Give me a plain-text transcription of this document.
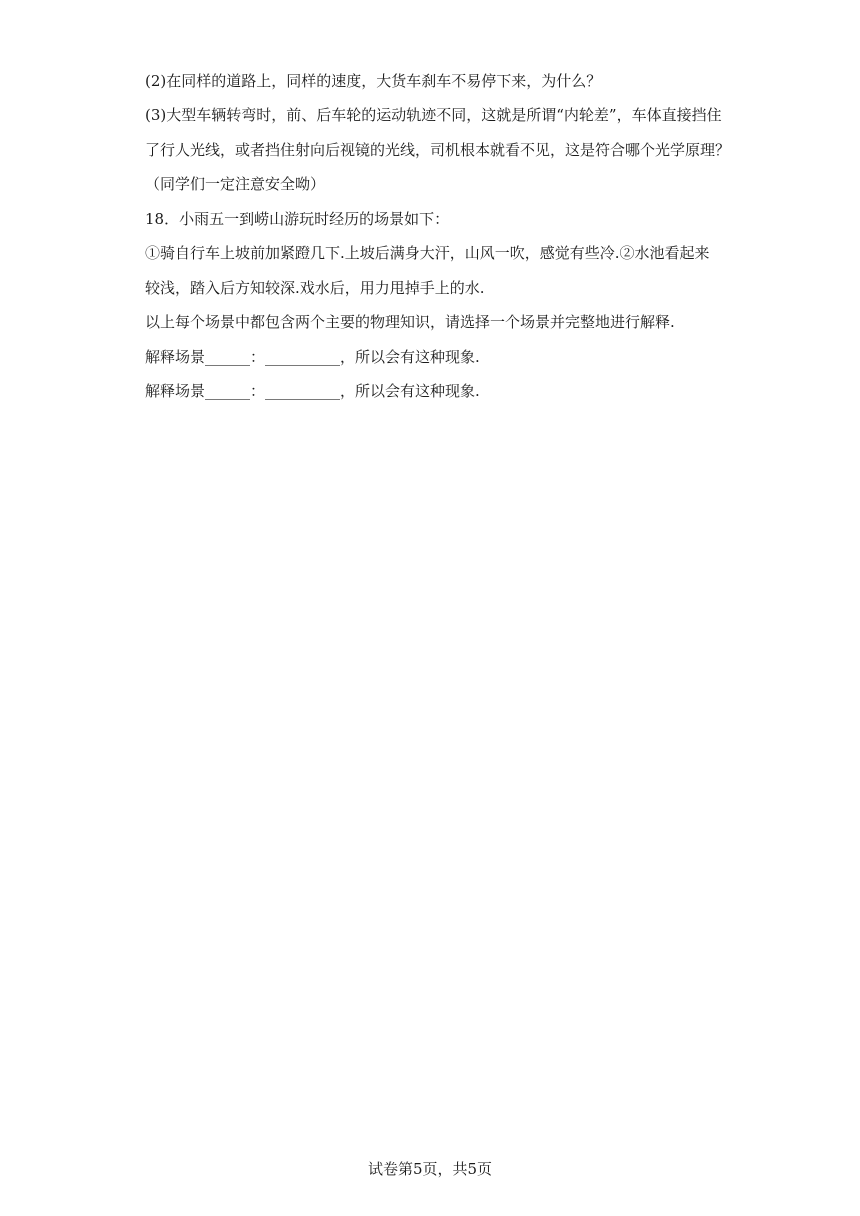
(2)在同样的道路上，同样的速度，大货车刹车不易停下来，为什么？

(3)大型车辆转弯时，前、后车轮的运动轨迹不同，这就是所谓“内轮差”，车体直接挡住

了行人光线，或者挡住射向后视镜的光线，司机根本就看不见，这是符合哪个光学原理？

（同学们一定注意安全呦）

18．小雨五一到崂山游玩时经历的场景如下：

①骑自行车上坡前加紧蹬几下.上坡后满身大汗，山风一吹，感觉有些冷.②水池看起来

较浅，踏入后方知较深.戏水后，用力甩掉手上的水.

以上每个场景中都包含两个主要的物理知识，请选择一个场景并完整地进行解释.

解释场景______：__________，所以会有这种现象.

解释场景______：__________，所以会有这种现象.

试卷第5页，共5页
